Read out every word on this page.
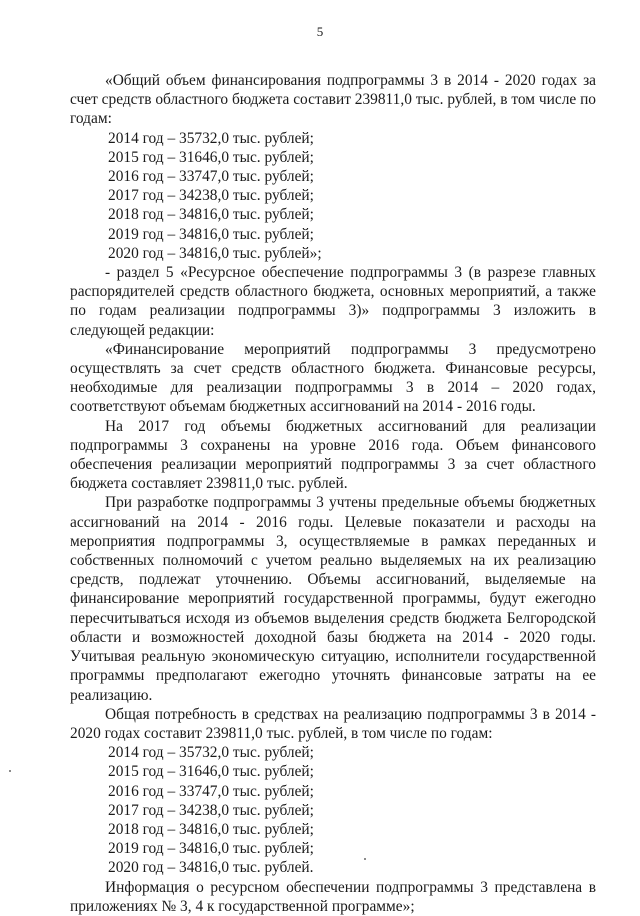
5

«Общий объем финансирования подпрограммы 3 в 2014 - 2020 годах за счет средств областного бюджета составит 239811,0 тыс. рублей, в том числе по годам:

2014 год – 35732,0 тыс. рублей;

2015 год – 31646,0 тыс. рублей;

2016 год – 33747,0 тыс. рублей;

2017 год – 34238,0 тыс. рублей;

2018 год – 34816,0 тыс. рублей;

2019 год – 34816,0 тыс. рублей;

2020 год – 34816,0 тыс. рублей»;

- раздел 5 «Ресурсное обеспечение подпрограммы 3 (в разрезе главных распорядителей средств областного бюджета, основных мероприятий, а также по годам реализации подпрограммы 3)» подпрограммы 3 изложить в следующей редакции:

«Финансирование мероприятий подпрограммы 3 предусмотрено осуществлять за счет средств областного бюджета. Финансовые ресурсы, необходимые для реализации подпрограммы 3 в 2014 – 2020 годах, соответствуют объемам бюджетных ассигнований на 2014 - 2016 годы.

На 2017 год объемы бюджетных ассигнований для реализации подпрограммы 3 сохранены на уровне 2016 года. Объем финансового обеспечения реализации мероприятий подпрограммы 3 за счет областного бюджета составляет 239811,0 тыс. рублей.

При разработке подпрограммы 3 учтены предельные объемы бюджетных ассигнований на 2014 - 2016 годы. Целевые показатели и расходы на мероприятия подпрограммы 3, осуществляемые в рамках переданных и собственных полномочий с учетом реально выделяемых на их реализацию средств, подлежат уточнению. Объемы ассигнований, выделяемые на финансирование мероприятий государственной программы, будут ежегодно пересчитываться исходя из объемов выделения средств бюджета Белгородской области и возможностей доходной базы бюджета на 2014 - 2020 годы. Учитывая реальную экономическую ситуацию, исполнители государственной программы предполагают ежегодно уточнять финансовые затраты на ее реализацию.

Общая потребность в средствах на реализацию подпрограммы 3 в 2014 - 2020 годах составит 239811,0 тыс. рублей, в том числе по годам:

2014 год – 35732,0 тыс. рублей;

2015 год – 31646,0 тыс. рублей;

2016 год – 33747,0 тыс. рублей;

2017 год – 34238,0 тыс. рублей;

2018 год – 34816,0 тыс. рублей;

2019 год – 34816,0 тыс. рублей;

2020 год – 34816,0 тыс. рублей.

Информация о ресурсном обеспечении подпрограммы 3 представлена в приложениях № 3, 4 к государственной программе»;
